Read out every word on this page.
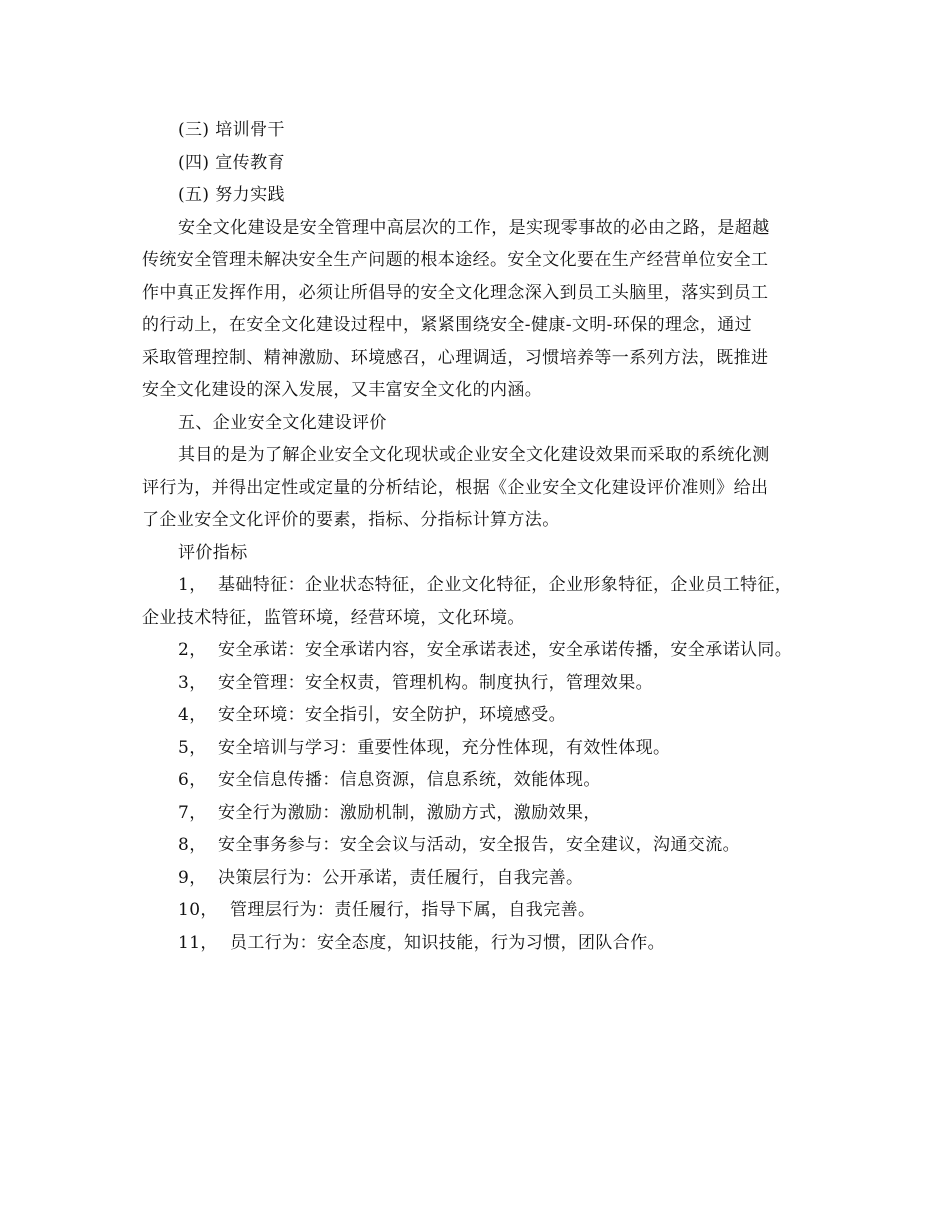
(三) 培训骨干
(四) 宣传教育
(五) 努力实践
安全文化建设是安全管理中高层次的工作，是实现零事故的必由之路，是超越
传统安全管理未解决安全生产问题的根本途经。安全文化要在生产经营单位安全工
作中真正发挥作用，必须让所倡导的安全文化理念深入到员工头脑里，落实到员工
的行动上，在安全文化建设过程中，紧紧围绕安全-健康-文明-环保的理念，通过
采取管理控制、精神激励、环境感召，心理调适，习惯培养等一系列方法，既推进
安全文化建设的深入发展，又丰富安全文化的内涵。
五、企业安全文化建设评价
其目的是为了解企业安全文化现状或企业安全文化建设效果而采取的系统化测
评行为，并得出定性或定量的分析结论，根据《企业安全文化建设评价准则》给出
了企业安全文化评价的要素，指标、分指标计算方法。
评价指标
1， 基础特征：企业状态特征，企业文化特征，企业形象特征，企业员工特征，
企业技术特征，监管环境，经营环境，文化环境。
2， 安全承诺：安全承诺内容，安全承诺表述，安全承诺传播，安全承诺认同。
3， 安全管理：安全权责，管理机构。制度执行，管理效果。
4， 安全环境：安全指引，安全防护，环境感受。
5， 安全培训与学习：重要性体现，充分性体现，有效性体现。
6， 安全信息传播：信息资源，信息系统，效能体现。
7， 安全行为激励：激励机制，激励方式，激励效果，
8， 安全事务参与：安全会议与活动，安全报告，安全建议，沟通交流。
9， 决策层行为：公开承诺，责任履行，自我完善。
10， 管理层行为：责任履行，指导下属，自我完善。
11， 员工行为：安全态度，知识技能，行为习惯，团队合作。
